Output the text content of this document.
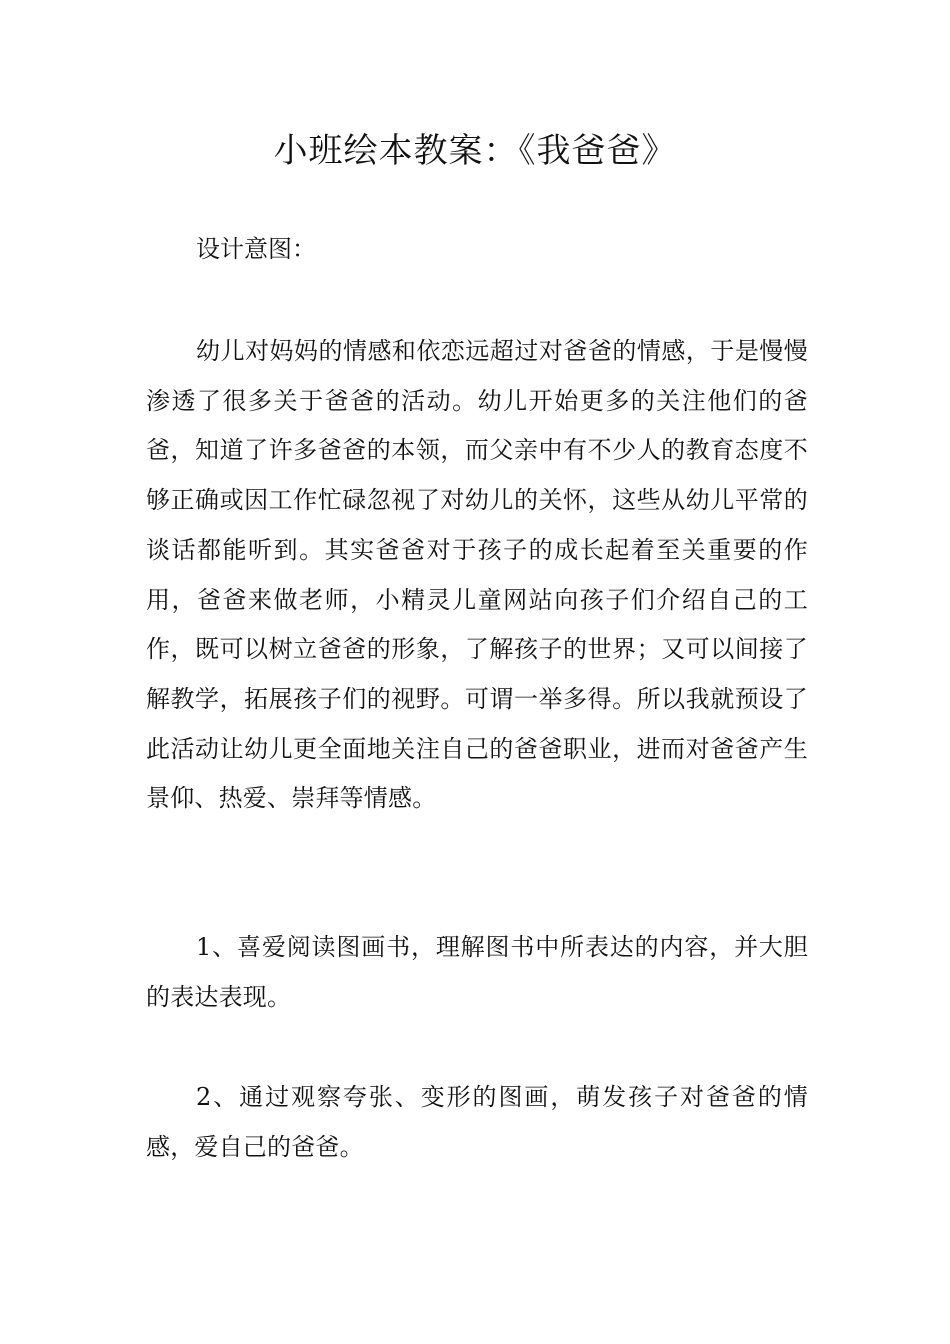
小班绘本教案：《我爸爸》

设计意图：

幼儿对妈妈的情感和依恋远超过对爸爸的情感，于是慢慢渗透了很多关于爸爸的活动。幼儿开始更多的关注他们的爸爸，知道了许多爸爸的本领，而父亲中有不少人的教育态度不够正确或因工作忙碌忽视了对幼儿的关怀，这些从幼儿平常的谈话都能听到。其实爸爸对于孩子的成长起着至关重要的作用，爸爸来做老师，小精灵儿童网站向孩子们介绍自己的工作，既可以树立爸爸的形象，了解孩子的世界；又可以间接了解教学，拓展孩子们的视野。可谓一举多得。所以我就预设了此活动让幼儿更全面地关注自己的爸爸职业，进而对爸爸产生景仰、热爱、崇拜等情感。

1、喜爱阅读图画书，理解图书中所表达的内容，并大胆的表达表现。

2、通过观察夸张、变形的图画，萌发孩子对爸爸的情感，爱自己的爸爸。
